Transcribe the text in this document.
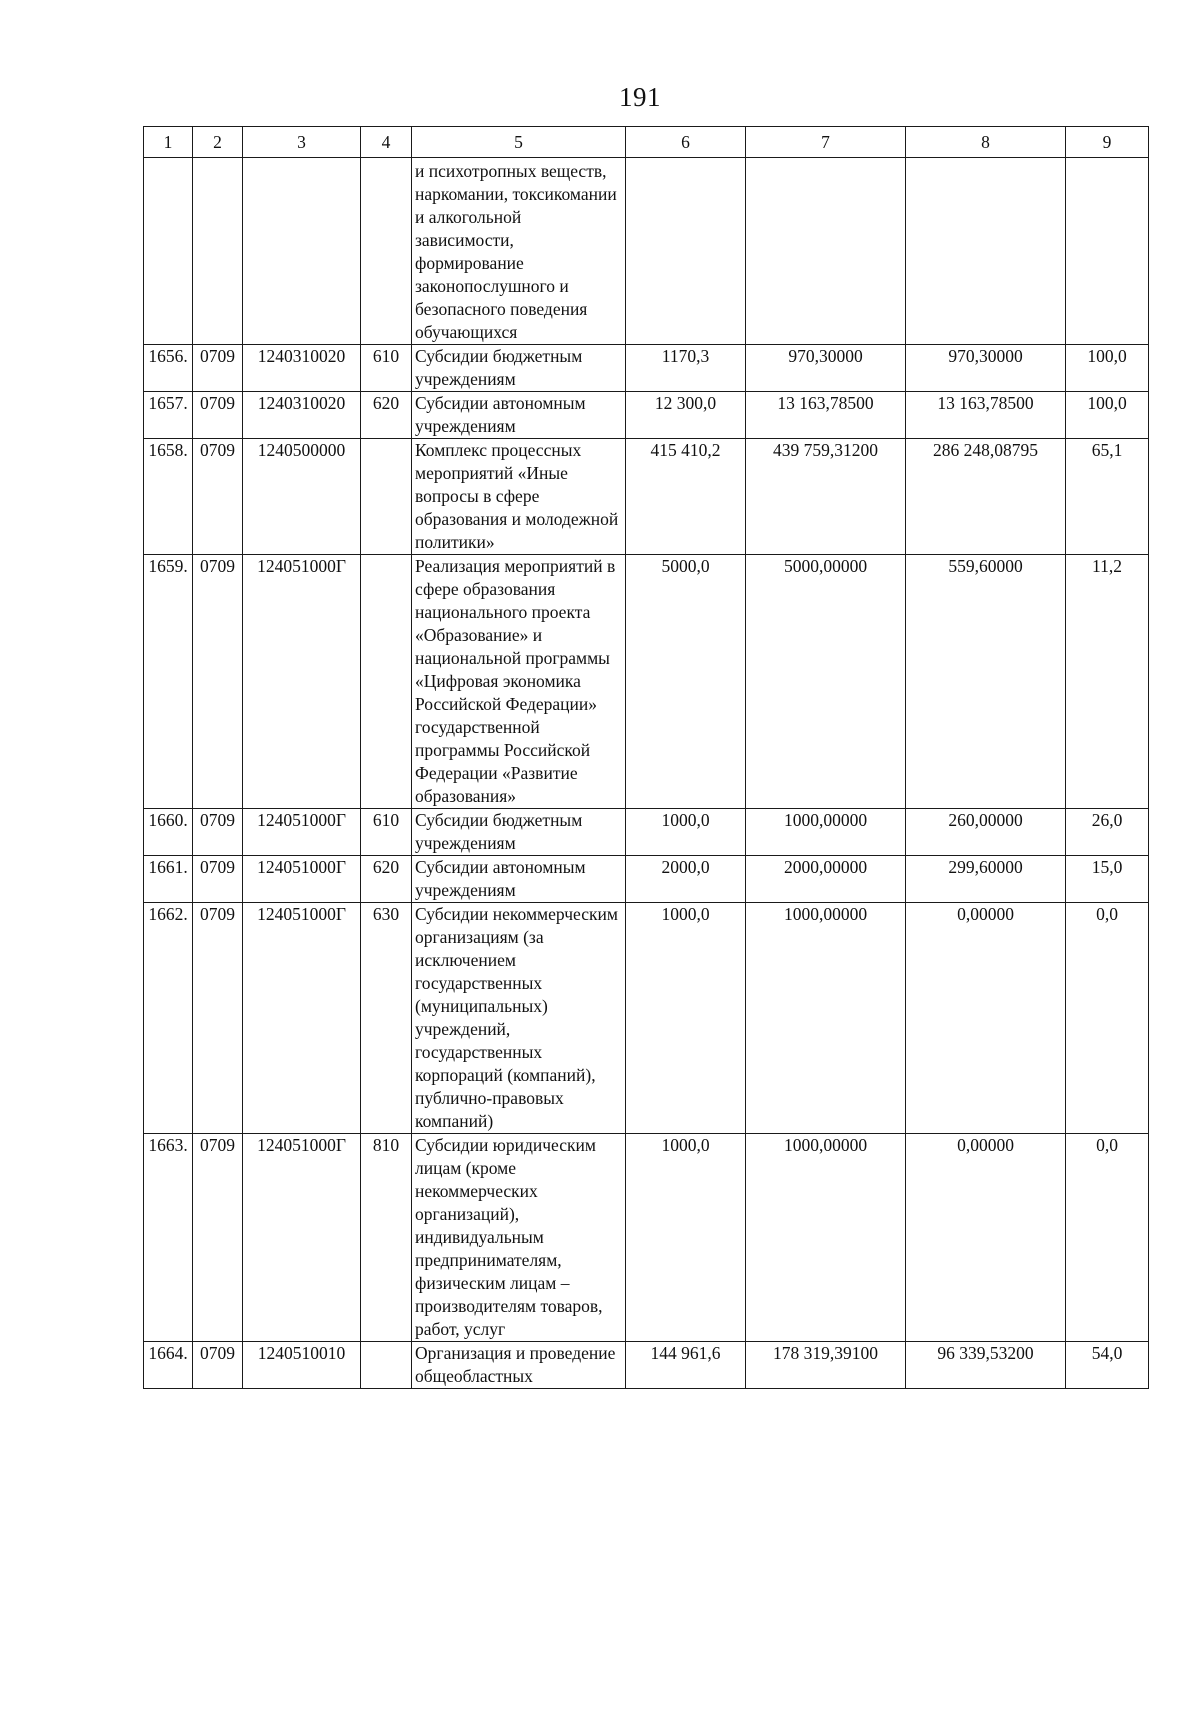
191
1	2	3	4	5	6	7	8	9
				и психотропных веществ, наркомании, токсикомании и алкогольной зависимости, формирование законопослушного и безопасного поведения обучающихся				
1656.	0709	1240310020	610	Субсидии бюджетным учреждениям	1170,3	970,30000	970,30000	100,0
1657.	0709	1240310020	620	Субсидии автономным учреждениям	12 300,0	13 163,78500	13 163,78500	100,0
1658.	0709	1240500000		Комплекс процессных мероприятий «Иные вопросы в сфере образования и молодежной политики»	415 410,2	439 759,31200	286 248,08795	65,1
1659.	0709	124051000Г		Реализация мероприятий в сфере образования национального проекта «Образование» и национальной программы «Цифровая экономика Российской Федерации» государственной программы Российской Федерации «Развитие образования»	5000,0	5000,00000	559,60000	11,2
1660.	0709	124051000Г	610	Субсидии бюджетным учреждениям	1000,0	1000,00000	260,00000	26,0
1661.	0709	124051000Г	620	Субсидии автономным учреждениям	2000,0	2000,00000	299,60000	15,0
1662.	0709	124051000Г	630	Субсидии некоммерческим организациям (за исключением государственных (муниципальных) учреждений, государственных корпораций (компаний), публично-правовых компаний)	1000,0	1000,00000	0,00000	0,0
1663.	0709	124051000Г	810	Субсидии юридическим лицам (кроме некоммерческих организаций), индивидуальным предпринимателям, физическим лицам – производителям товаров, работ, услуг	1000,0	1000,00000	0,00000	0,0
1664.	0709	1240510010		Организация и проведение общеобластных	144 961,6	178 319,39100	96 339,53200	54,0
